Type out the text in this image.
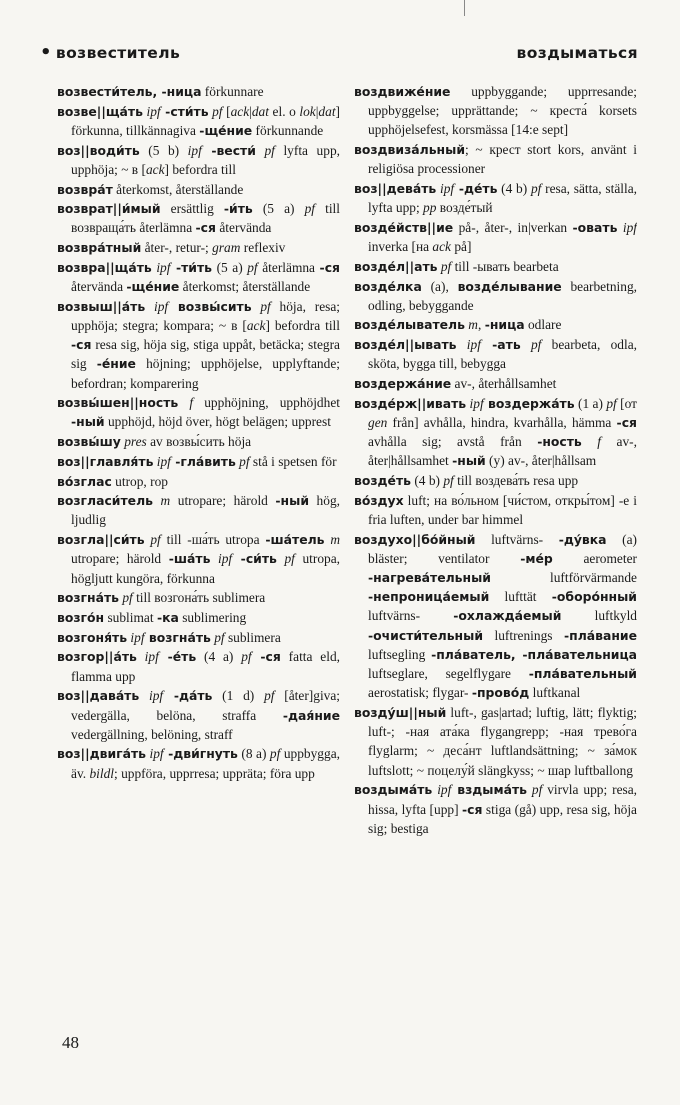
• возвеститель	воздыматься
возвести́тель, -ница förkunnare
возве||ща́ть ipf -сти́ть pf [ack|dat el. o lok|dat] förkunna, tillkännagiva -ще́ние förkunnande
воз||води́ть (5 b) ipf -вести́ pf lyfta upp, upphöja; ~ в [ack] befordra till
возвра́т återkomst, återställande
возврат||и́мый ersättlig -и́ть (5 a) pf till возвраща́ть återlämna -ся återvända
возвра́тный åter-, retur-; gram reflexiv
возвра||ща́ть ipf -ти́ть (5 a) pf återlämna -ся återvända -ще́ние återkomst; återställande
возвыш||а́ть ipf возвы́сить pf höja, resa; upphöja; stegra; kompara; ~ в [ack] befordra till -ся resa sig, höja sig, stiga uppåt, betäcka; stegra sig -е́ние höjning; upphöjelse, upplyftande; befordran; komparering
возвы́шен||ность f upphöjning, upphöjdhet -ный upphöjd, höjd över, högt belägen; upprest
возвы́шу pres av возвы́сить höja
воз||главля́ть ipf -гла́вить pf stå i spetsen för
во́зглас utrop, rop
возгласи́тель m utropare; härold -ный hög, ljudlig
возгла||си́ть pf till -ша́ть utropa -ша́тель m utropare; härold -ша́ть ipf -си́ть pf utropa, högljutt kungöra, förkunna
возгна́ть pf till возгона́ть sublimera
возго́н sublimat -ка sublimering
возгоня́ть ipf возгна́ть pf sublimera
возгор||а́ть ipf -е́ть (4 a) pf -ся fatta eld, flamma upp
воз||дава́ть ipf -да́ть (1 d) pf [åter]giva; vedergälla, belöna, straffa -дая́ние vedergällning, belöning, straff
воз||двига́ть ipf -дви́гнуть (8 a) pf uppbygga, äv. bildl; uppföra, upprresa; uppräta; föra upp
воздвиже́ние uppbyggande; upprresande; uppbyggelse; upprättande; ~ креста́ korsets upphöjelsefest, korsmässa [14:e sept]
воздвиза́льный; ~ крест stort kors, använt i religiösa processioner
воз||дева́ть ipf -де́ть (4 b) pf resa, sätta, ställa, lyfta upp; pp возде́тый
возде́йств||ие på-, åter-, in|verkan -овать ipf inverka [на ack på]
возде́л||ать pf till -ывать bearbeta
возде́лка (a), возде́лывание bearbetning, odling, bebyggande
возде́лыватель m, -ница odlare
возде́л||ывать ipf -ать pf bearbeta, odla, sköta, bygga till, bebygga
воздержа́ние av-, återhållsamhet
возде́рж||ивать ipf воздержа́ть (1 a) pf [от gen från] avhålla, hindra, kvarhålla, hämma -ся avhålla sig; avstå från -ность f av-, åter|hållsamhet -ный (y) av-, åter|hållsam
возде́ть (4 b) pf till воздева́ть resa upp
во́здух luft; на во́льном [чи́стом, откры́том] -е i fria luften, under bar himmel
воздухо||бо́йный luftvärns- -ду́вка (a) bläster; ventilator -ме́р aerometer -нагрева́тельный luftförvärmande -непроница́емый lufttät -оборо́нный luftvärns- -охлажда́емый luftkyld -очисти́тельный luftrenings -пла́вание luftsegling -пла́ватель, -пла́вательница luftseglare, segelflygare -пла́вательный aerostatisk; flygar- -прово́д luftkanal
возду́ш||ный luft-, gas|artad; luftig, lätt; flyktig; luft-; -ная ата́ка flygangrepp; -ная трево́га flyglarm; ~ деса́нт luftlandsättning; ~ за́мок luftslott; ~ поцелу́й slängkyss; ~ шар luftballong
воздыма́ть ipf вздыма́ть pf virvla upp; resa, hissa, lyfta [upp] -ся stiga (gå) upp, resa sig, höja sig; bestiga
48
